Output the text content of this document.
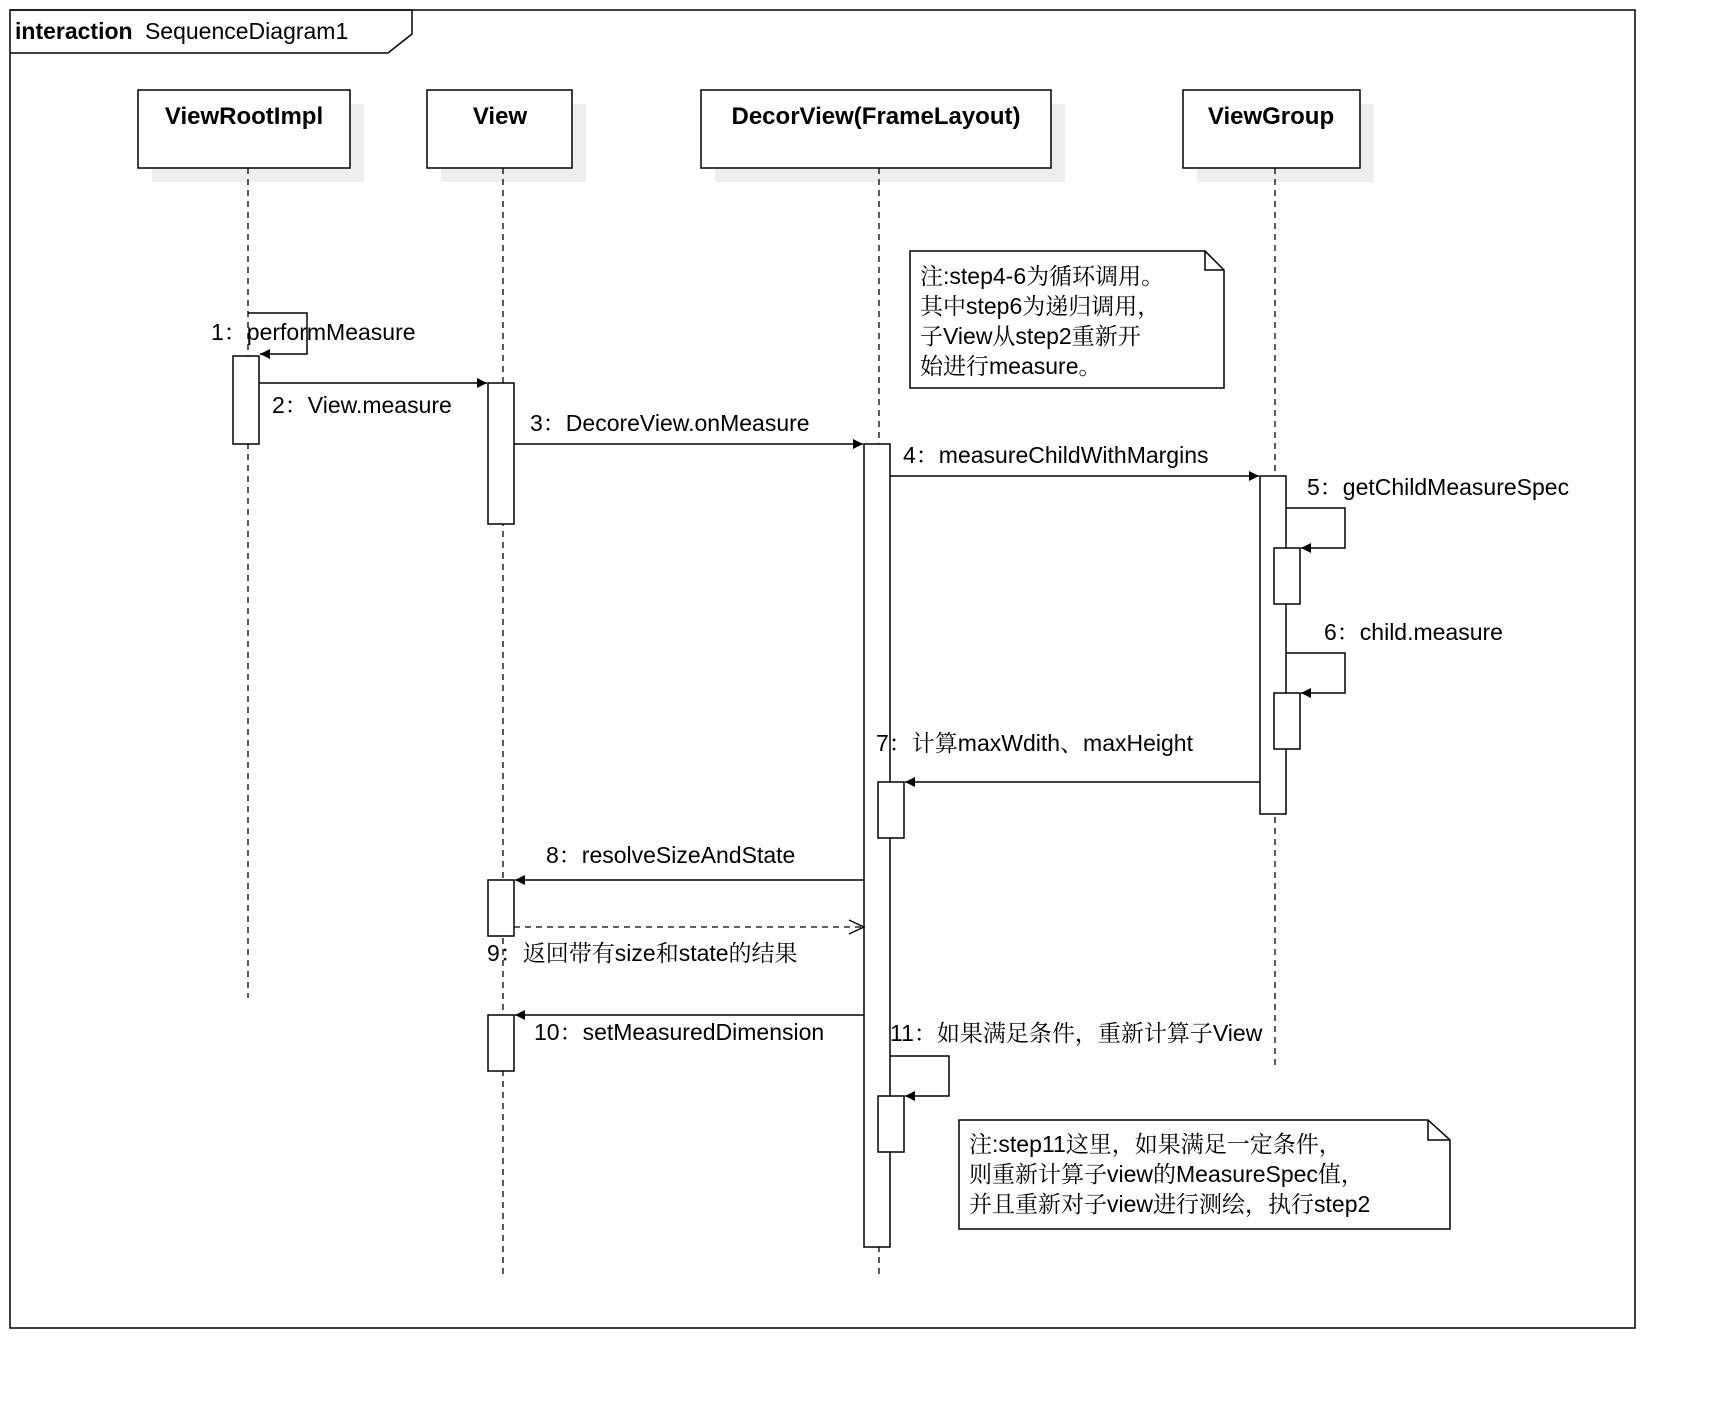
interaction SequenceDiagram1
ViewRootImpl	View	DecorView(FrameLayout)	ViewGroup
1：performMeasure
2：View.measure
3：DecoreView.onMeasure
4：measureChildWithMargins
5：getChildMeasureSpec
6：child.measure
7：计算maxWdith、maxHeight
8：resolveSizeAndState
9：返回带有size和state的结果
10：setMeasuredDimension	11：如果满足条件，重新计算子View
注:step4-6为循环调用。 其中step6为递归调用， 子View从step2重新开 始进行measure。
注:step11这里，如果满足一定条件， 则重新计算子view的MeasureSpec值， 并且重新对子view进行测绘，执行step2
